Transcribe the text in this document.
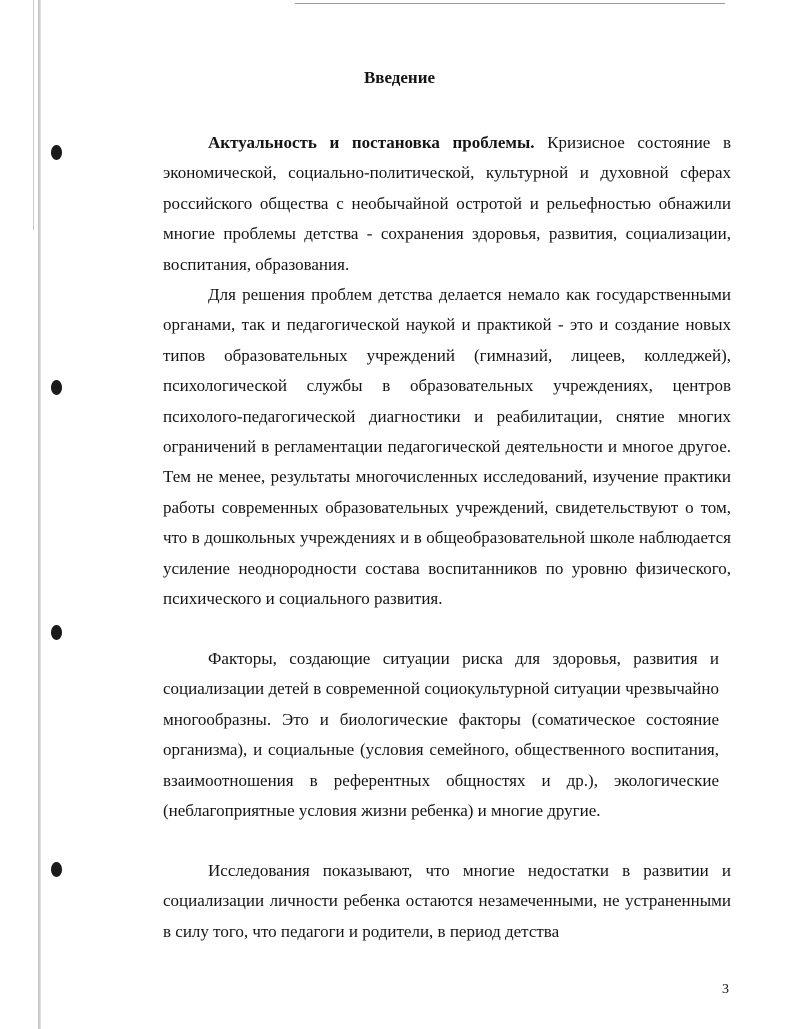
Введение

Актуальность и постановка проблемы. Кризисное состояние в экономической, социально-политической, культурной и духовной сферах российского общества с необычайной остротой и рельефностью обнажили многие проблемы детства - сохранения здоровья, развития, социализации, воспитания, образования.

Для решения проблем детства делается немало как государственными органами, так и педагогической наукой и практикой - это и создание новых типов образовательных учреждений (гимназий, лицеев, колледжей), психологической службы в образовательных учреждениях, центров психолого-педагогической диагностики и реабилитации, снятие многих ограничений в регламентации педагогической деятельности и многое другое. Тем не менее, результаты многочисленных исследований, изучение практики работы современных образовательных учреждений, свидетельствуют о том, что в дошкольных учреждениях и в общеобразовательной школе наблюдается усиление неоднородности состава воспитанников по уровню физического, психического и социального развития.

Факторы, создающие ситуации риска для здоровья, развития и социализации детей в современной социокультурной ситуации чрезвычайно многообразны. Это и биологические факторы (соматическое состояние организма), и социальные (условия семейного, общественного воспитания, взаимоотношения в референтных общностях и др.), экологические (неблагоприятные условия жизни ребенка) и многие другие.

Исследования показывают, что многие недостатки в развитии и социализации личности ребенка остаются незамеченными, не устраненными в силу того, что педагоги и родители, в период детства

3
